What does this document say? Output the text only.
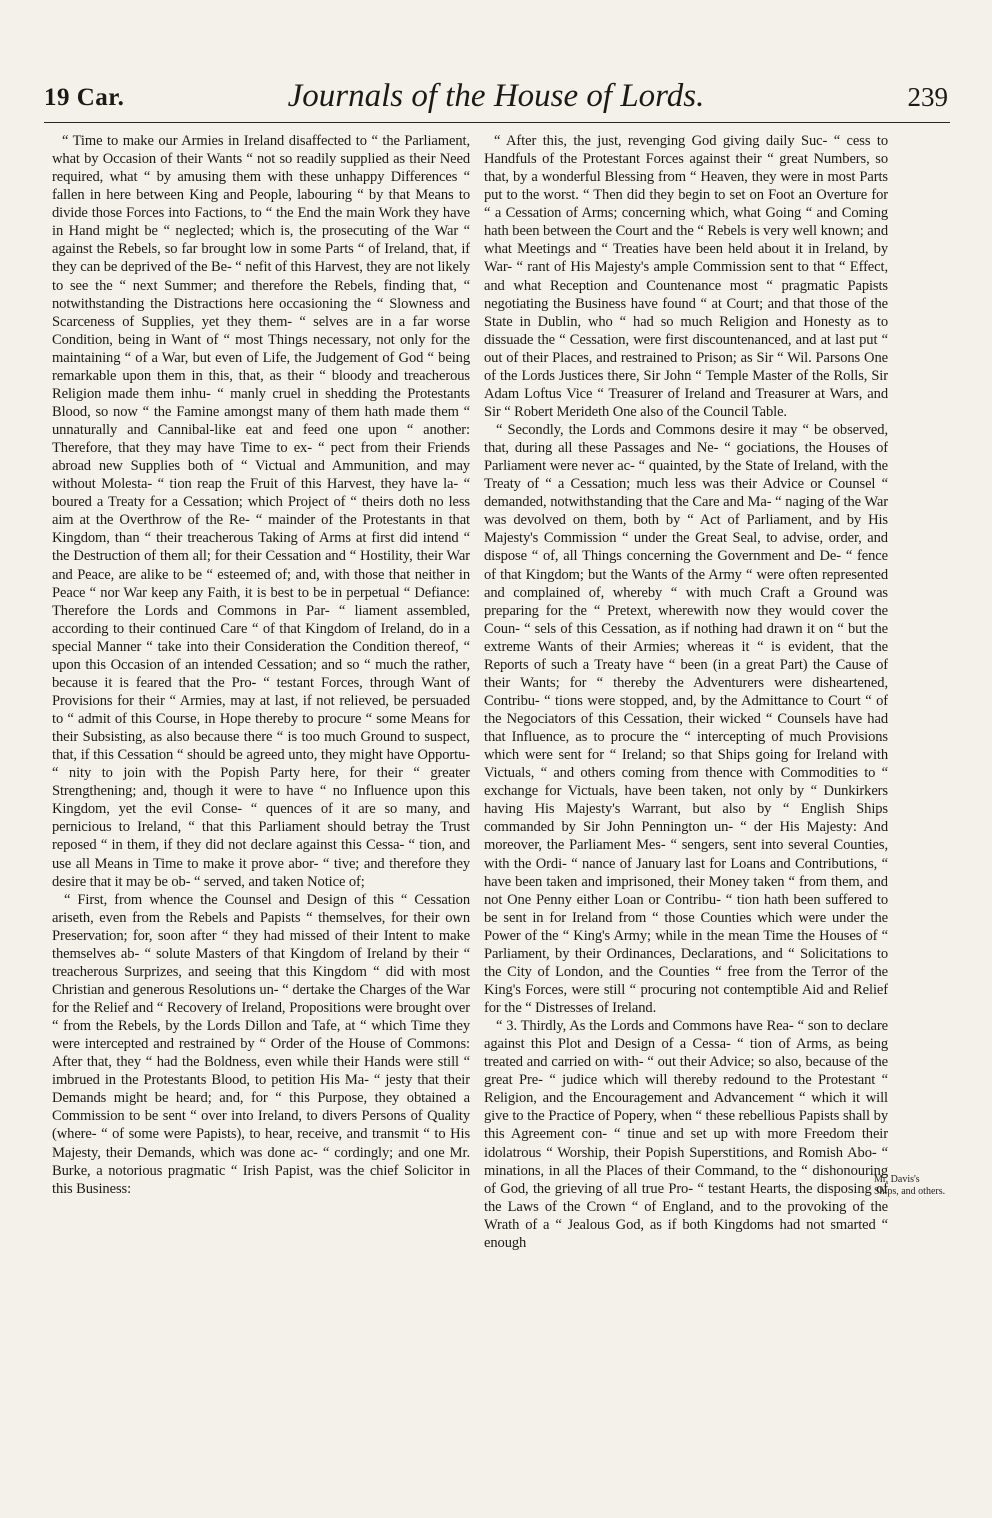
19 Car.	Journals of the House of Lords.	239

“ Time to make our Armies in Ireland disaffected to “ the Parliament, what by Occasion of their Wants “ not so readily supplied as their Need required, what “ by amusing them with these unhappy Differences “ fallen in here between King and People, labouring “ by that Means to divide those Forces into Factions, to “ the End the main Work they have in Hand might be “ neglected; which is, the prosecuting of the War “ against the Rebels, so far brought low in some Parts “ of Ireland, that, if they can be deprived of the Be- “ nefit of this Harvest, they are not likely to see the “ next Summer; and therefore the Rebels, finding that, “ notwithstanding the Distractions here occasioning the “ Slowness and Scarceness of Supplies, yet they them- “ selves are in a far worse Condition, being in Want of “ most Things necessary, not only for the maintaining “ of a War, but even of Life, the Judgement of God “ being remarkable upon them in this, that, as their “ bloody and treacherous Religion made them inhu- “ manly cruel in shedding the Protestants Blood, so now “ the Famine amongst many of them hath made them “ unnaturally and Cannibal-like eat and feed one upon “ another: Therefore, that they may have Time to ex- “ pect from their Friends abroad new Supplies both of “ Victual and Ammunition, and may without Molesta- “ tion reap the Fruit of this Harvest, they have la- “ boured a Treaty for a Cessation; which Project of “ theirs doth no less aim at the Overthrow of the Re- “ mainder of the Protestants in that Kingdom, than “ their treacherous Taking of Arms at first did intend “ the Destruction of them all; for their Cessation and “ Hostility, their War and Peace, are alike to be “ esteemed of; and, with those that neither in Peace “ nor War keep any Faith, it is best to be in perpetual “ Defiance: Therefore the Lords and Commons in Par- “ liament assembled, according to their continued Care “ of that Kingdom of Ireland, do in a special Manner “ take into their Consideration the Condition thereof, “ upon this Occasion of an intended Cessation; and so “ much the rather, because it is feared that the Pro- “ testant Forces, through Want of Provisions for their “ Armies, may at last, if not relieved, be persuaded to “ admit of this Course, in Hope thereby to procure “ some Means for their Subsisting, as also because there “ is too much Ground to suspect, that, if this Cessation “ should be agreed unto, they might have Opportu- “ nity to join with the Popish Party here, for their “ greater Strengthening; and, though it were to have “ no Influence upon this Kingdom, yet the evil Conse- “ quences of it are so many, and pernicious to Ireland, “ that this Parliament should betray the Trust reposed “ in them, if they did not declare against this Cessa- “ tion, and use all Means in Time to make it prove abor- “ tive; and therefore they desire that it may be ob- “ served, and taken Notice of;

“ First, from whence the Counsel and Design of this “ Cessation ariseth, even from the Rebels and Papists “ themselves, for their own Preservation; for, soon after “ they had missed of their Intent to make themselves ab- “ solute Masters of that Kingdom of Ireland by their “ treacherous Surprizes, and seeing that this Kingdom “ did with most Christian and generous Resolutions un- “ dertake the Charges of the War for the Relief and “ Recovery of Ireland, Propositions were brought over “ from the Rebels, by the Lords Dillon and Tafe, at “ which Time they were intercepted and restrained by “ Order of the House of Commons: After that, they “ had the Boldness, even while their Hands were still “ imbrued in the Protestants Blood, to petition His Ma- “ jesty that their Demands might be heard; and, for “ this Purpose, they obtained a Commission to be sent “ over into Ireland, to divers Persons of Quality (where- “ of some were Papists), to hear, receive, and transmit “ to His Majesty, their Demands, which was done ac- “ cordingly; and one Mr. Burke, a notorious pragmatic “ Irish Papist, was the chief Solicitor in this Business:

“ After this, the just, revenging God giving daily Suc- “ cess to Handfuls of the Protestant Forces against their “ great Numbers, so that, by a wonderful Blessing from “ Heaven, they were in most Parts put to the worst. “ Then did they begin to set on Foot an Overture for “ a Cessation of Arms; concerning which, what Going “ and Coming hath been between the Court and the “ Rebels is very well known; and what Meetings and “ Treaties have been held about it in Ireland, by War- “ rant of His Majesty's ample Commission sent to that “ Effect, and what Reception and Countenance most “ pragmatic Papists negotiating the Business have found “ at Court; and that those of the State in Dublin, who “ had so much Religion and Honesty as to dissuade the “ Cessation, were first discountenanced, and at last put “ out of their Places, and restrained to Prison; as Sir “ Wil. Parsons One of the Lords Justices there, Sir John “ Temple Master of the Rolls, Sir Adam Loftus Vice “ Treasurer of Ireland and Treasurer at Wars, and Sir “ Robert Merideth One also of the Council Table.

“ Secondly, the Lords and Commons desire it may “ be observed, that, during all these Passages and Ne- “ gociations, the Houses of Parliament were never ac- “ quainted, by the State of Ireland, with the Treaty of “ a Cessation; much less was their Advice or Counsel “ demanded, notwithstanding that the Care and Ma- “ naging of the War was devolved on them, both by “ Act of Parliament, and by His Majesty's Commission “ under the Great Seal, to advise, order, and dispose “ of, all Things concerning the Government and De- “ fence of that Kingdom; but the Wants of the Army “ were often represented and complained of, whereby “ with much Craft a Ground was preparing for the “ Pretext, wherewith now they would cover the Coun- “ sels of this Cessation, as if nothing had drawn it on “ but the extreme Wants of their Armies; whereas it “ is evident, that the Reports of such a Treaty have “ been (in a great Part) the Cause of their Wants; for “ thereby the Adventurers were disheartened, Contribu- “ tions were stopped, and, by the Admittance to Court “ of the Negociators of this Cessation, their wicked “ Counsels have had that Influence, as to procure the “ intercepting of much Provisions which were sent for “ Ireland; so that Ships going for Ireland with Victuals, “ and others coming from thence with Commodities to “ exchange for Victuals, have been taken, not only by “ Dunkirkers having His Majesty's Warrant, but also by “ English Ships commanded by Sir John Pennington un- “ der His Majesty: And moreover, the Parliament Mes- “ sengers, sent into several Counties, with the Ordi- “ nance of January last for Loans and Contributions, “ have been taken and imprisoned, their Money taken “ from them, and not One Penny either Loan or Contribu- “ tion hath been suffered to be sent in for Ireland from “ those Counties which were under the Power of the “ King's Army; while in the mean Time the Houses of “ Parliament, by their Ordinances, Declarations, and “ Solicitations to the City of London, and the Counties “ free from the Terror of the King's Forces, were still “ procuring not contemptible Aid and Relief for the “ Distresses of Ireland.

“ 3. Thirdly, As the Lords and Commons have Rea- “ son to declare against this Plot and Design of a Cessa- “ tion of Arms, as being treated and carried on with- “ out their Advice; so also, because of the great Pre- “ judice which will thereby redound to the Protestant “ Religion, and the Encouragement and Advancement “ which it will give to the Practice of Popery, when “ these rebellious Papists shall by this Agreement con- “ tinue and set up with more Freedom their idolatrous “ Worship, their Popish Superstitions, and Romish Abo- “ minations, in all the Places of their Command, to the “ dishonouring of God, the grieving of all true Pro- “ testant Hearts, the disposing of the Laws of the Crown “ of England, and to the provoking of the Wrath of a “ Jealous God, as if both Kingdoms had not smarted “ enough

Mr. Davis's Ships, and others.
